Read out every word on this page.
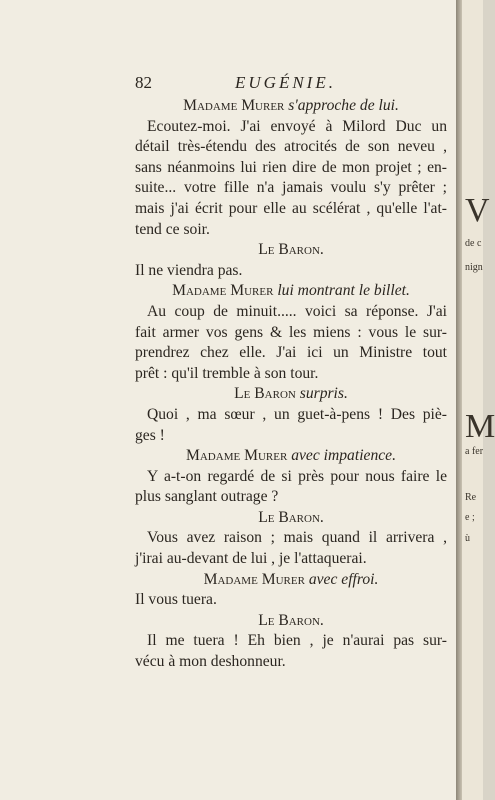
82	EUGÉNIE.
Madame Murer s'approche de lui.
Ecoutez-moi. J'ai envoyé à Milord Duc un
détail très-étendu des atrocités de son neveu ,
sans néanmoins lui rien dire de mon projet ; en-
suite... votre fille n'a jamais voulu s'y prêter ;
mais j'ai écrit pour elle au scélérat , qu'elle l'at-
tend ce soir.
Le Baron.
Il ne viendra pas.
Madame Murer lui montrant le billet.
Au coup de minuit..... voici sa réponse. J'ai
fait armer vos gens & les miens : vous le sur-
prendrez chez elle. J'ai ici un Ministre tout
prêt : qu'il tremble à son tour.
Le Baron surpris.
Quoi , ma sœur , un guet-à-pens ! Des piè-
ges !
Madame Murer avec impatience.
Y a-t-on regardé de si près pour nous faire le
plus sanglant outrage ?
Le Baron.
Vous avez raison ; mais quand il arrivera ,
j'irai au-devant de lui , je l'attaquerai.
Madame Murer avec effroi.
Il vous tuera.
Le Baron.
Il me tuera ! Eh bien , je n'aurai pas sur-
vécu à mon deshonneur.
V
de c
nign
M
a fer
Re
e ;
ù
